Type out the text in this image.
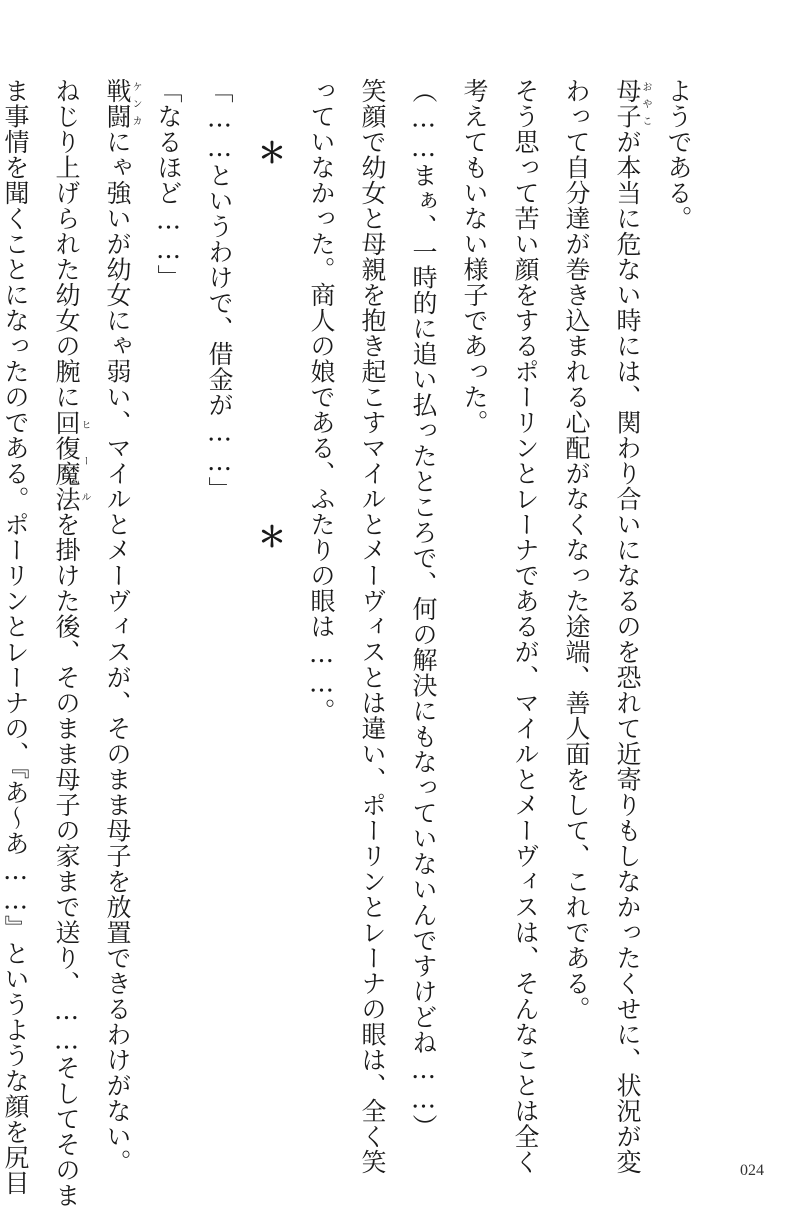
ようである。
母子おやこが本当に危ない時には、関わり合いになるのを恐れて近寄りもしなかったくせに、状況が変
わって自分達が巻き込まれる心配がなくなった途端、善人面をして、これである。
そう思って苦い顔をするポーリンとレーナであるが、マイルとメーヴィスは、そんなことは全く
考えてもいない様子であった。
（……まぁ、一時的に追い払ったところで、何の解決にもなっていないんですけどね……）
笑顔で幼女と母親を抱き起こすマイルとメーヴィスとは違い、ポーリンとレーナの眼は、全く笑
っていなかった。商人の娘である、ふたりの眼は……。
＊　　＊
「……というわけで、借金が……」
「なるほど……」
戦闘ケンカにゃ強いが幼女にゃ弱い、マイルとメーヴィスが、そのまま母子を放置できるわけがない。
ねじり上げられた幼女の腕に回復魔法ヒールを掛けた後、そのまま母子の家まで送り、……そしてそのま
ま事情を聞くことになったのである。ポーリンとレーナの、『あ～あ……』というような顔を尻目	024
